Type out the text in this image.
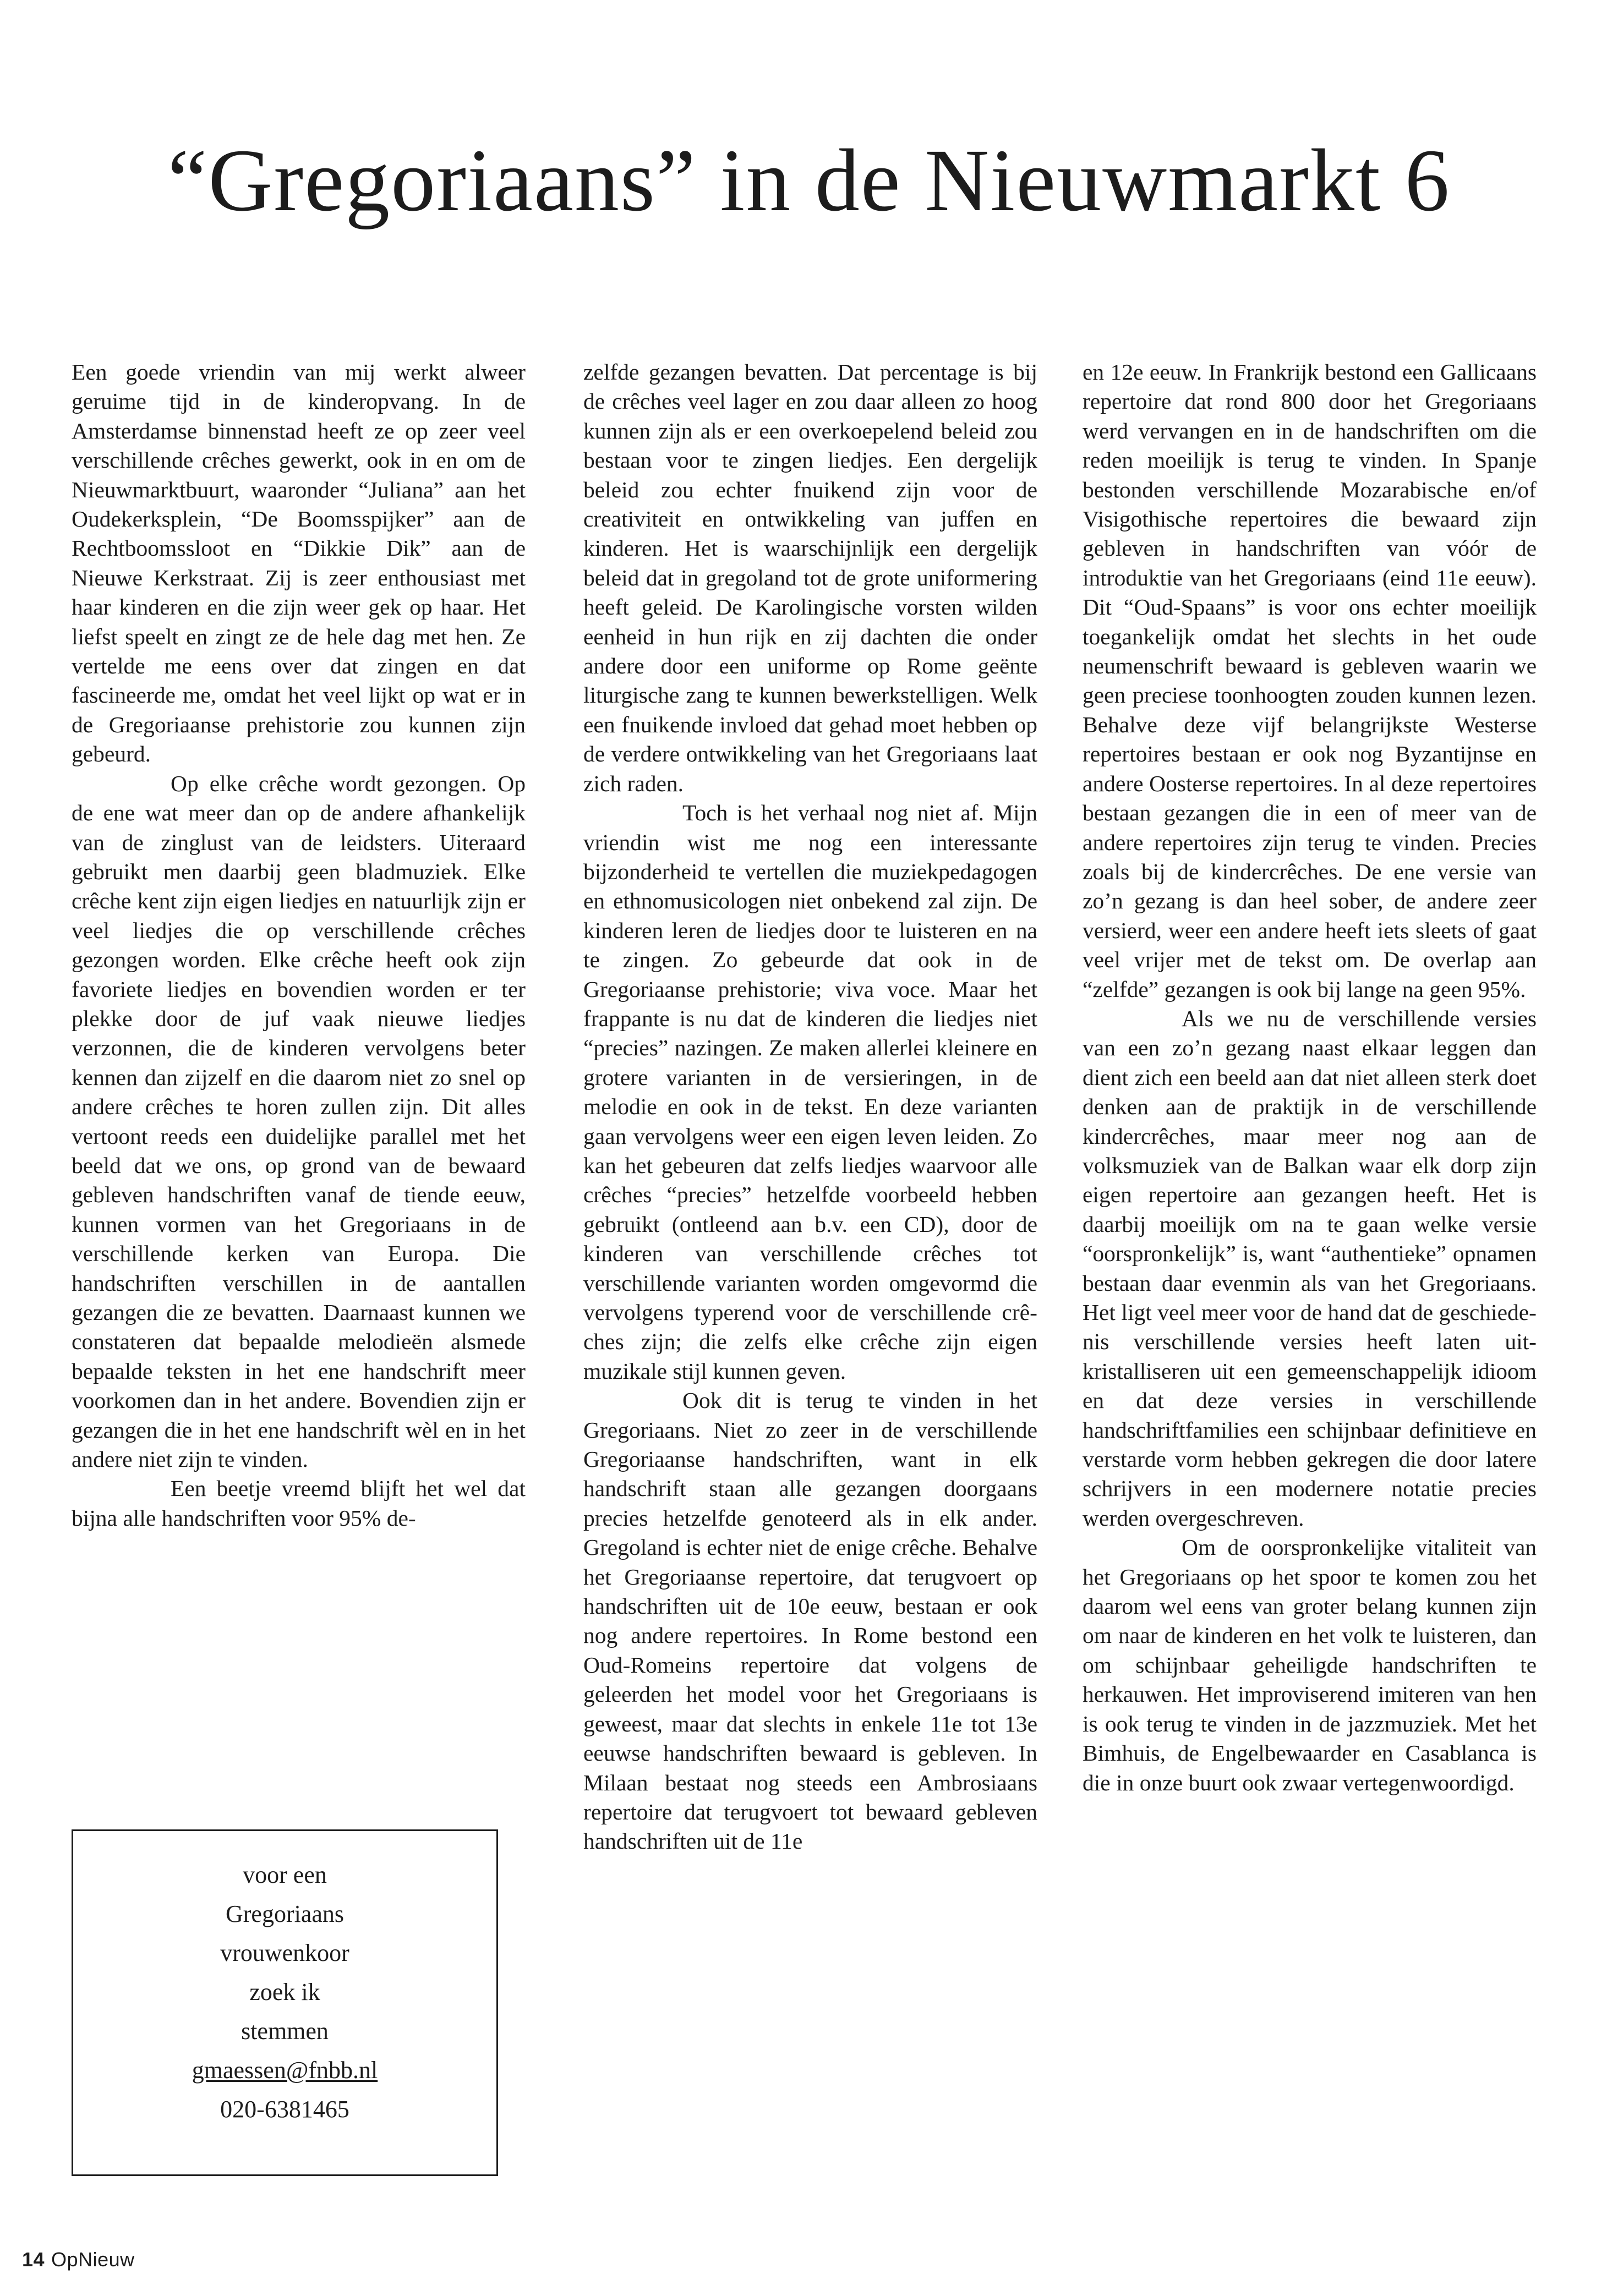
“Gregoriaans” in de Nieuwmarkt 6

Een goede vriendin van mij werkt alweer geruime tijd in de kinderopvang. In de Amsterdamse binnenstad heeft ze op zeer veel verschillende crêches gewerkt, ook in en om de Nieuwmarktbuurt, waaronder “Juliana” aan het Oudekerksplein, “De Boomsspijker” aan de Rechtboomssloot en “Dikkie Dik” aan de Nieuwe Kerkstraat. Zij is zeer enthousiast met haar kinderen en die zijn weer gek op haar. Het liefst speelt en zingt ze de hele dag met hen. Ze vertelde me eens over dat zingen en dat fascineerde me, omdat het veel lijkt op wat er in de Gregoriaanse prehistorie zou kunnen zijn gebeurd.

Op elke crêche wordt gezongen. Op de ene wat meer dan op de andere afhankelijk van de zinglust van de leidsters. Uiteraard gebruikt men daarbij geen bladmuziek. Elke crêche kent zijn eigen liedjes en natuurlijk zijn er veel liedjes die op verschillende crêches gezongen worden. Elke crêche heeft ook zijn favoriete liedjes en bovendien worden er ter plekke door de juf vaak nieuwe liedjes verzonnen, die de kinderen vervolgens beter kennen dan zijzelf en die daarom niet zo snel op andere crêches te horen zullen zijn. Dit alles vertoont reeds een duidelijke parallel met het beeld dat we ons, op grond van de bewaard gebleven handschriften vanaf de tiende eeuw, kunnen vormen van het Gregoriaans in de verschillende kerken van Europa. Die handschriften verschillen in de aantallen gezangen die ze bevatten. Daarnaast kunnen we constateren dat bepaalde melodieën alsmede bepaalde teksten in het ene handschrift meer voorkomen dan in het andere. Bovendien zijn er gezangen die in het ene handschrift wèl en in het andere niet zijn te vinden.

Een beetje vreemd blijft het wel dat bijna alle handschriften voor 95% de-

zelfde gezangen bevatten. Dat percentage is bij de crêches veel lager en zou daar alleen zo hoog kunnen zijn als er een overkoepelend beleid zou bestaan voor te zingen liedjes. Een dergelijk beleid zou echter fnuikend zijn voor de creativiteit en ontwikkeling van juffen en kinderen. Het is waarschijnlijk een dergelijk beleid dat in gregoland tot de grote uniformering heeft geleid. De Karolingische vorsten wilden eenheid in hun rijk en zij dachten die onder andere door een uniforme op Rome geënte liturgische zang te kunnen bewerkstelligen. Welk een fnuikende invloed dat gehad moet hebben op de verdere ontwikkeling van het Gregoriaans laat zich raden.

Toch is het verhaal nog niet af. Mijn vriendin wist me nog een interessante bijzonderheid te vertellen die muziekpedagogen en ethnomusicologen niet onbekend zal zijn. De kinderen leren de liedjes door te luisteren en na te zingen. Zo gebeurde dat ook in de Gregoriaanse prehistorie; viva voce. Maar het frappante is nu dat de kinderen die liedjes niet “precies” nazingen. Ze maken allerlei kleinere en grotere varianten in de versieringen, in de melodie en ook in de tekst. En deze varianten gaan vervolgens weer een eigen leven leiden. Zo kan het gebeuren dat zelfs liedjes waarvoor alle crêches “precies” hetzelfde voorbeeld hebben gebruikt (ontleend aan b.v. een CD), door de kinderen van verschillende crêches tot verschillende varianten worden omgevormd die vervolgens typerend voor de verschillende crêches zijn; die zelfs elke crêche zijn eigen muzikale stijl kunnen geven.

Ook dit is terug te vinden in het Gregoriaans. Niet zo zeer in de verschillende Gregoriaanse handschriften, want in elk handschrift staan alle gezangen doorgaans precies hetzelfde genoteerd als in elk ander. Gregoland is echter niet de enige crêche. Behalve het Gregoriaanse repertoire, dat terugvoert op handschriften uit de 10e eeuw, bestaan er ook nog andere repertoires. In Rome bestond een Oud-Romeins repertoire dat volgens de geleerden het model voor het Gregoriaans is geweest, maar dat slechts in enkele 11e tot 13e eeuwse handschriften bewaard is gebleven. In Milaan bestaat nog steeds een Ambrosiaans repertoire dat terugvoert tot bewaard gebleven handschriften uit de 11e

en 12e eeuw. In Frankrijk bestond een Gallicaans repertoire dat rond 800 door het Gregoriaans werd vervangen en in de handschriften om die reden moeilijk is terug te vinden. In Spanje bestonden verschillende Mozarabische en/of Visigothische repertoires die bewaard zijn gebleven in handschriften van vóór de introduktie van het Gregoriaans (eind 11e eeuw). Dit “Oud-Spaans” is voor ons echter moeilijk toegankelijk omdat het slechts in het oude neumenschrift bewaard is gebleven waarin we geen preciese toonhoogten zouden kunnen lezen. Behalve deze vijf belangrijkste Westerse repertoires bestaan er ook nog Byzantijnse en andere Oosterse repertoires. In al deze repertoires bestaan gezangen die in een of meer van de andere repertoires zijn terug te vinden. Precies zoals bij de kindercrêches. De ene versie van zo’n gezang is dan heel sober, de andere zeer versierd, weer een andere heeft iets sleets of gaat veel vrijer met de tekst om. De overlap aan “zelfde” gezangen is ook bij lange na geen 95%.

Als we nu de verschillende versies van een zo’n gezang naast elkaar leggen dan dient zich een beeld aan dat niet alleen sterk doet denken aan de praktijk in de verschillende kindercrêches, maar meer nog aan de volksmuziek van de Balkan waar elk dorp zijn eigen repertoire aan gezangen heeft. Het is daarbij moeilijk om na te gaan welke versie “oorspronkelijk” is, want “authentieke” opnamen bestaan daar evenmin als van het Gregoriaans. Het ligt veel meer voor de hand dat de geschiedenis verschillende versies heeft laten uitkristalliseren uit een gemeenschappelijk idioom en dat deze versies in verschillende handschriftfamilies een schijnbaar definitieve en verstarde vorm hebben gekregen die door latere schrijvers in een modernere notatie precies werden overgeschreven.

Om de oorspronkelijke vitaliteit van het Gregoriaans op het spoor te komen zou het daarom wel eens van groter belang kunnen zijn om naar de kinderen en het volk te luisteren, dan om schijnbaar geheiligde handschriften te herkauwen. Het improviserend imiteren van hen is ook terug te vinden in de jazzmuziek. Met het Bimhuis, de Engelbewaarder en Casablanca is die in onze buurt ook zwaar vertegenwoordigd.

voor een
Gregoriaans
vrouwenkoor
zoek ik
stemmen
gmaessen@fnbb.nl
020-6381465
14 OpNieuw
